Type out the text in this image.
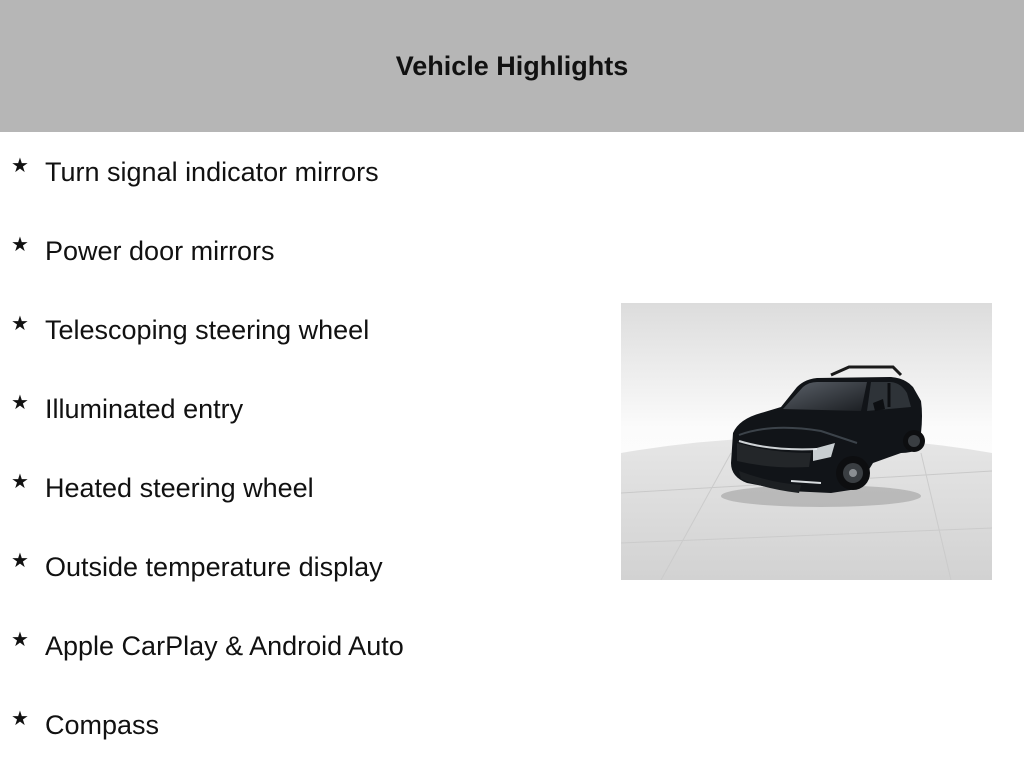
Vehicle Highlights
★ Turn signal indicator mirrors
★ Power door mirrors
★ Telescoping steering wheel
★ Illuminated entry
★ Heated steering wheel
★ Outside temperature display
★ Apple CarPlay & Android Auto
★ Compass
